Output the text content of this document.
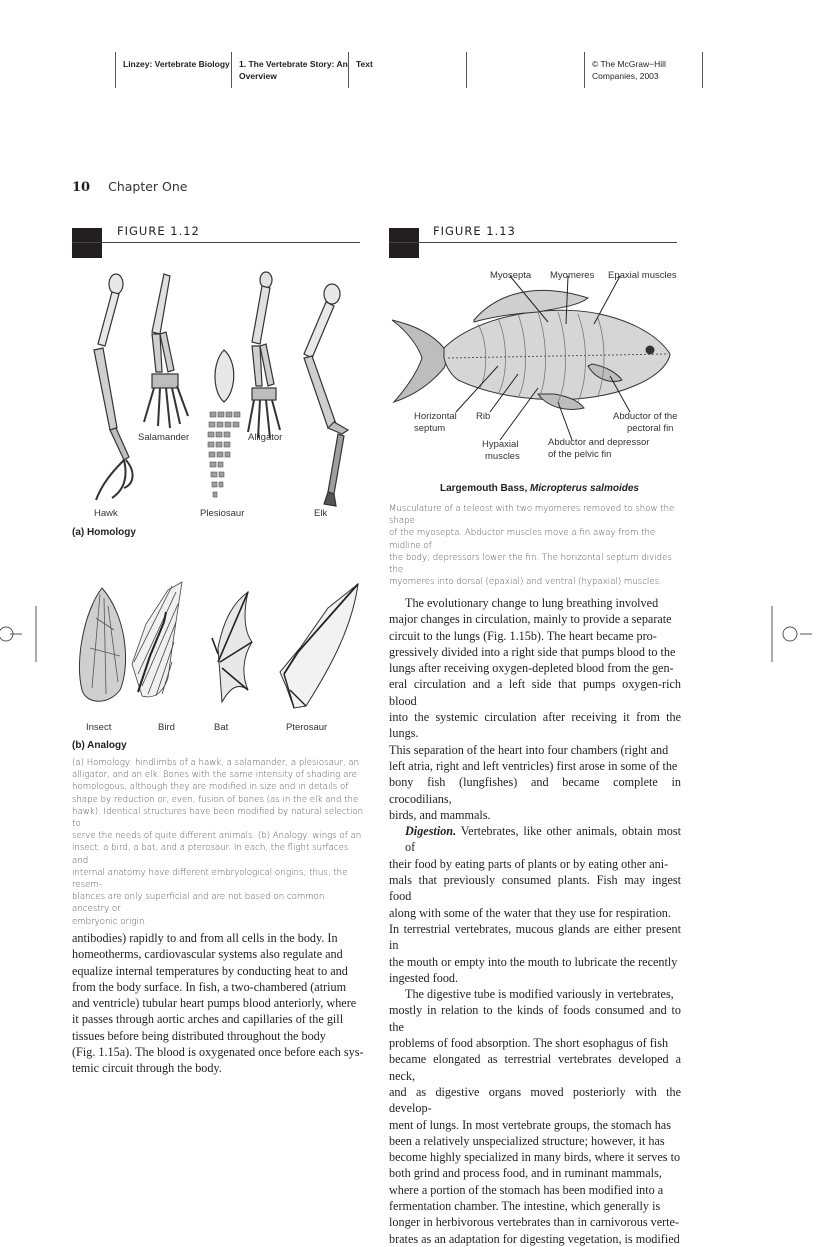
Linzey: Vertebrate Biology	1. The Vertebrate Story: An
Overview
Text	© The McGraw−Hill
Companies, 2003
10 Chapter One
FIGURE 1.12
Salamander	Alligator
Hawk	Plesiosaur	Elk
(a) Homology
Insect	Bird	Bat	Pterosaur
(b) Analogy
(a) Homology: hindlimbs of a hawk, a salamander, a plesiosaur, an
alligator, and an elk. Bones with the same intensity of shading are
homologous, although they are modified in size and in details of
shape by reduction or, even, fusion of bones (as in the elk and the
hawk). Identical structures have been modified by natural selection to
serve the needs of quite different animals. (b) Analogy: wings of an
insect, a bird, a bat, and a pterosaur. In each, the flight surfaces and
internal anatomy have different embryological origins; thus, the resem-
blances are only superficial and are not based on common ancestry or
embryonic origin.
FIGURE 1.13
Myosepta Myomeres Epaxial muscles
Horizontal
septum
Rib	Abductor of the
pectoral fin
Hypaxial
muscles
Abductor and depressor
of the pelvic fin
Largemouth Bass, Micropterus salmoides
Musculature of a teleost with two myomeres removed to show the shape
of the myosepta. Abductor muscles move a fin away from the midline of
the body; depressors lower the fin. The horizontal septum divides the
myomeres into dorsal (epaxial) and ventral (hypaxial) muscles.
antibodies) rapidly to and from all cells in the body. In
homeotherms, cardiovascular systems also regulate and
equalize internal temperatures by conducting heat to and
from the body surface. In fish, a two-chambered (atrium
and ventricle) tubular heart pumps blood anteriorly, where
it passes through aortic arches and capillaries of the gill
tissues before being distributed throughout the body
(Fig. 1.15a). The blood is oxygenated once before each sys-
temic circuit through the body.
The evolutionary change to lung breathing involved
major changes in circulation, mainly to provide a separate
circuit to the lungs (Fig. 1.15b). The heart became pro-
gressively divided into a right side that pumps blood to the
lungs after receiving oxygen-depleted blood from the gen-
eral circulation and a left side that pumps oxygen-rich blood
into the systemic circulation after receiving it from the lungs.
This separation of the heart into four chambers (right and
left atria, right and left ventricles) first arose in some of the
bony fish (lungfishes) and became complete in crocodilians,
birds, and mammals.
Digestion. Vertebrates, like other animals, obtain most of
their food by eating parts of plants or by eating other ani-
mals that previously consumed plants. Fish may ingest food
along with some of the water that they use for respiration.
In terrestrial vertebrates, mucous glands are either present in
the mouth or empty into the mouth to lubricate the recently
ingested food.
The digestive tube is modified variously in vertebrates,
mostly in relation to the kinds of foods consumed and to the
problems of food absorption. The short esophagus of fish
became elongated as terrestrial vertebrates developed a neck,
and as digestive organs moved posteriorly with the develop-
ment of lungs. In most vertebrate groups, the stomach has
been a relatively unspecialized structure; however, it has
become highly specialized in many birds, where it serves to
both grind and process food, and in ruminant mammals,
where a portion of the stomach has been modified into a
fermentation chamber. The intestine, which generally is
longer in herbivorous vertebrates than in carnivorous verte-
brates as an adaptation for digesting vegetation, is modified
